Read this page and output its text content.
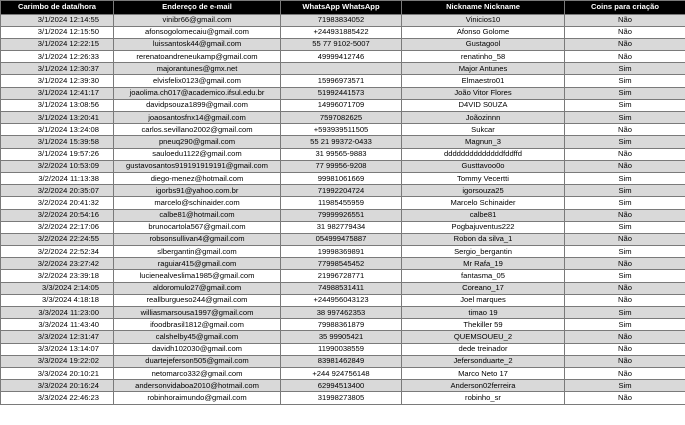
Carimbo de data/hora	Endereço de e-mail	WhatsApp WhatsApp	Nickname Nickname	Coins para criação
3/1/2024 12:14:55	vinibr66@gmail.com	71983834052	Vinicios10	Não
3/1/2024 12:15:50	afonsogolomecaiu@gmail.com	+244931885422	Afonso Golome	Não
3/1/2024 12:22:15	luissantosk44@gmail.com	55 77 9102-5007	Gustagool	Não
3/1/2024 12:26:33	rerenatoandreneukamp@gmail.com	49999412746	renatinho_58	Não
3/1/2024 12:30:37	majorantunes@gmx.net		Major Antunes	Sim
3/1/2024 12:39:30	elvisfelix0123@gmail.com	15996973571	Elmaestro01	Sim
3/1/2024 12:41:17	joaolima.ch017@academico.ifsul.edu.br	51992441573	João Vitor Flores	Sim
3/1/2024 13:08:56	davidpsouza1899@gmail.com	14996071709	D4VID S0UZA	Sim
3/1/2024 13:20:41	joaosantosfnx14@gmail.com	7597082625	Joãozinnn	Sim
3/1/2024 13:24:08	carlos.sevillano2002@gmail.com	+593939511505	Sukcar	Não
3/1/2024 15:39:58	pneuq290@gmail.com	55 21 99372-0433	Magnun_3	Sim
3/1/2024 19:57:26	sauloedu1122@gmail.com	31 99565-9883	ddddddddddddddfddffd	Não
3/2/2024 10:53:09	gustavosantos919191919191@gmail.com	77 99956-9208	Gusttavoo0o	Não
3/2/2024 11:13:38	diego-menez@hotmail.com	99981061669	Tommy Vecertti	Sim
3/2/2024 20:35:07	igorbs91@yahoo.com.br	71992204724	igorsouza25	Sim
3/2/2024 20:41:32	marcelo@schinaider.com	11985455959	Marcelo Schinaider	Sim
3/2/2024 20:54:16	calbe81@hotmail.com	79999926551	calbe81	Não
3/2/2024 22:17:06	brunocartola567@gmail.com	31 982779434	Pogbajuventus222	Sim
3/2/2024 22:24:55	robsonsullivan4@gmail.com	054999475887	Robon da silva_1	Não
3/2/2024 22:52:34	slbergantin@gmail.com	19998369891	Sergio_bergantin	Sim
3/2/2024 23:27:42	raguiar415@gmail.com	77998545452	Mr Rafa_19	Não
3/2/2024 23:39:18	lucienealveslima1985@gmail.com	21996728771	fantasma_05	Sim
3/3/2024 2:14:05	aldoromulo27@gmail.com	74988531411	Coreano_17	Não
3/3/2024 4:18:18	reallburgueso244@gmail.com	+244956043123	Joel marques	Não
3/3/2024 11:23:00	williasmarsousa1997@gmail.com	38 997462353	timao 19	Sim
3/3/2024 11:43:40	ifoodbrasil1812@gmail.com	79988361879	Thekiller 59	Sim
3/3/2024 12:31:47	calshelby45@gmail.com	35 99905421	QUEMSOUEU_2	Não
3/3/2024 13:14:07	davidh102030@gmail.com	11990038559	dede treinador	Não
3/3/2024 19:22:02	duartejeferson505@gmail.com	83981462849	Jefersonduarte_2	Não
3/3/2024 20:10:21	netomarco332@gmail.com	+244 924756148	Marco Neto 17	Não
3/3/2024 20:16:24	andersonvidaboa2010@hotmail.com	62994513400	Anderson02ferreira	Sim
3/3/2024 22:46:23	robinhoraimundo@gmail.com	31998273805	robinho_sr	Não
